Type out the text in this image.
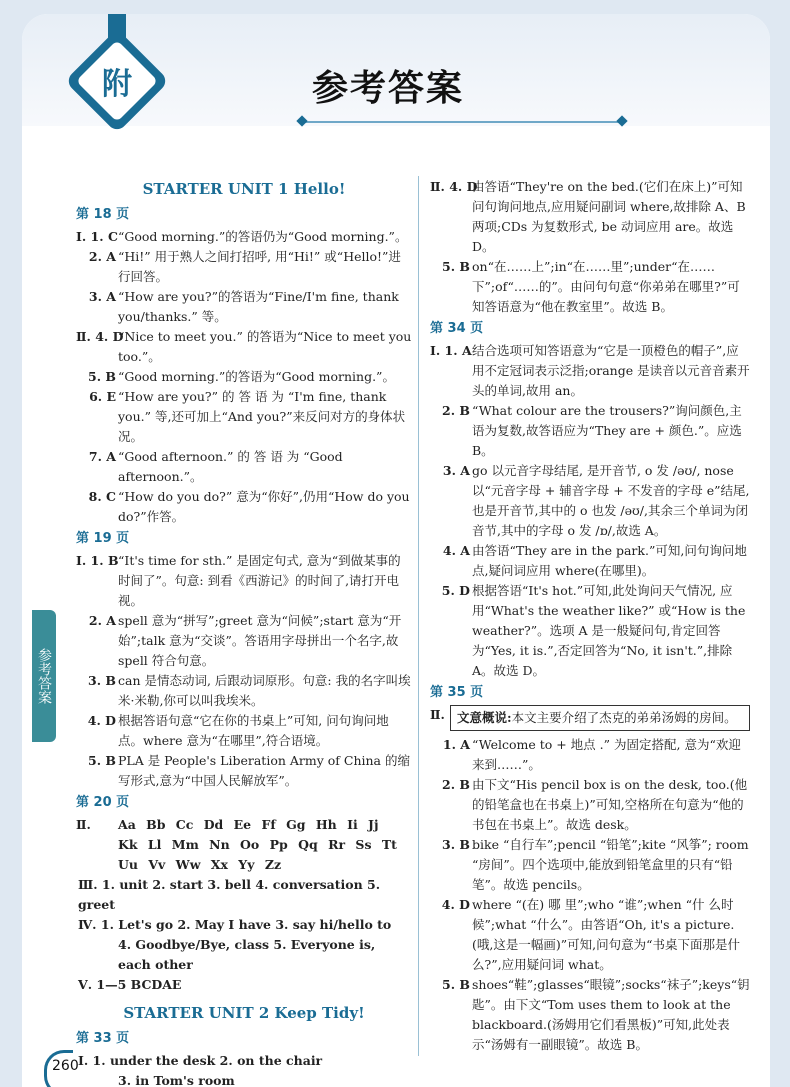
附	参考答案
参考答案
STARTER UNIT 1 Hello!
第 18 页
Ⅰ. 1. C “Good morning.”的答语仍为“Good morning.”。
2. A “Hi!” 用于熟人之间打招呼, 用“Hi!” 或“Hello!”进行回答。
3. A “How are you?”的答语为“Fine/I'm fine, thank you/thanks.” 等。
Ⅱ. 4. D
“Nice to meet you.” 的答语为“Nice to meet you too.”。
5. B “Good morning.”的答语为“Good morning.”。
6. E “How are you?” 的 答 语 为 “I'm fine, thank you.” 等,还可加上“And you?”来反问对方的身体状况。
7. A “Good afternoon.” 的 答 语 为 “Good afternoon.”。
8. C “How do you do?” 意为“你好”,仍用“How do you do?”作答。
第 19 页
Ⅰ. 1. B “It's time for sth.” 是固定句式, 意为“到做某事的时间了”。句意: 到看《西游记》的时间了,请打开电视。
2. A spell 意为“拼写”;greet 意为“问候”;start 意为“开始”;talk 意为“交谈”。答语用字母拼出一个名字,故 spell 符合句意。
3. B can 是情态动词, 后跟动词原形。句意: 我的名字叫埃米·米勒,你可以叫我埃米。
4. D 根据答语句意“它在你的书桌上”可知, 问句询问地点。where 意为“在哪里”,符合语境。
5. B PLA 是 People's Liberation Army of China 的缩写形式,意为“中国人民解放军”。
第 20 页
Ⅱ.	Aa Bb Cc Dd Ee Ff Gg Hh Ii Jj
Kk Ll Mm Nn Oo Pp Qq Rr Ss Tt
Uu Vv Ww Xx Yy Zz
Ⅲ. 1. unit 2. start 3. bell 4. conversation 5. greet
Ⅳ. 1. Let's go 2. May I have 3. say hi/hello to
4. Goodbye/Bye, class 5. Everyone is, each other
Ⅴ. 1—5 BCDAE
STARTER UNIT 2 Keep Tidy!
第 33 页
Ⅰ. 1. under the desk 2. on the chair
3. in Tom's room
Ⅱ. 4. D
由答语“They're on the bed.(它们在床上)”可知问句询问地点,应用疑问副词 where,故排除 A、B 两项;CDs 为复数形式, be 动词应用 are。故选 D。
5. B on“在……上”;in“在……里”;under“在……下”;of“……的”。由问句句意“你弟弟在哪里?”可知答语意为“他在教室里”。故选 B。
第 34 页
Ⅰ. 1. A 结合选项可知答语意为“它是一顶橙色的帽子”,应用不定冠词表示泛指;orange 是读音以元音音素开头的单词,故用 an。
2. B “What colour are the trousers?”询问颜色,主语为复数,故答语应为“They are + 颜色.”。应选 B。
3. A go 以元音字母结尾, 是开音节, o 发 /əʊ/, nose 以“元音字母 + 辅音字母 + 不发音的字母 e”结尾,也是开音节,其中的 o 也发 /əʊ/,其余三个单词为闭音节,其中的字母 o 发 /ɒ/,故选 A。
4. A 由答语“They are in the park.”可知,问句询问地点,疑问词应用 where(在哪里)。
5. D 根据答语“It's hot.”可知,此处询问天气情况, 应 用“What's the weather like?” 或“How is the weather?”。选项 A 是一般疑问句,肯定回答为“Yes, it is.”,否定回答为“No, it isn't.”,排除 A。故选 D。
第 35 页
Ⅱ. 文意概说:本文主要介绍了杰克的弟弟汤姆的房间。
1. A “Welcome to + 地点 .” 为固定搭配, 意为“欢迎来到……”。
2. B 由下文“His pencil box is on the desk, too.(他的铅笔盒也在书桌上)”可知,空格所在句意为“他的书包在书桌上”。故选 desk。
3. B bike “自行车”;pencil “铅笔”;kite “风筝”; room “房间”。四个选项中,能放到铅笔盒里的只有“铅笔”。故选 pencils。
4. D where “(在) 哪 里”;who “谁”;when “什 么时候”;what “什么”。由答语“Oh, it's a picture.(哦,这是一幅画)”可知,问句意为“书桌下面那是什么?”,应用疑问词 what。
5. B shoes“鞋”;glasses“眼镜”;socks“袜子”;keys“钥匙”。由下文“Tom uses them to look at the blackboard.(汤姆用它们看黑板)”可知,此处表示“汤姆有一副眼镜”。故选 B。
260
